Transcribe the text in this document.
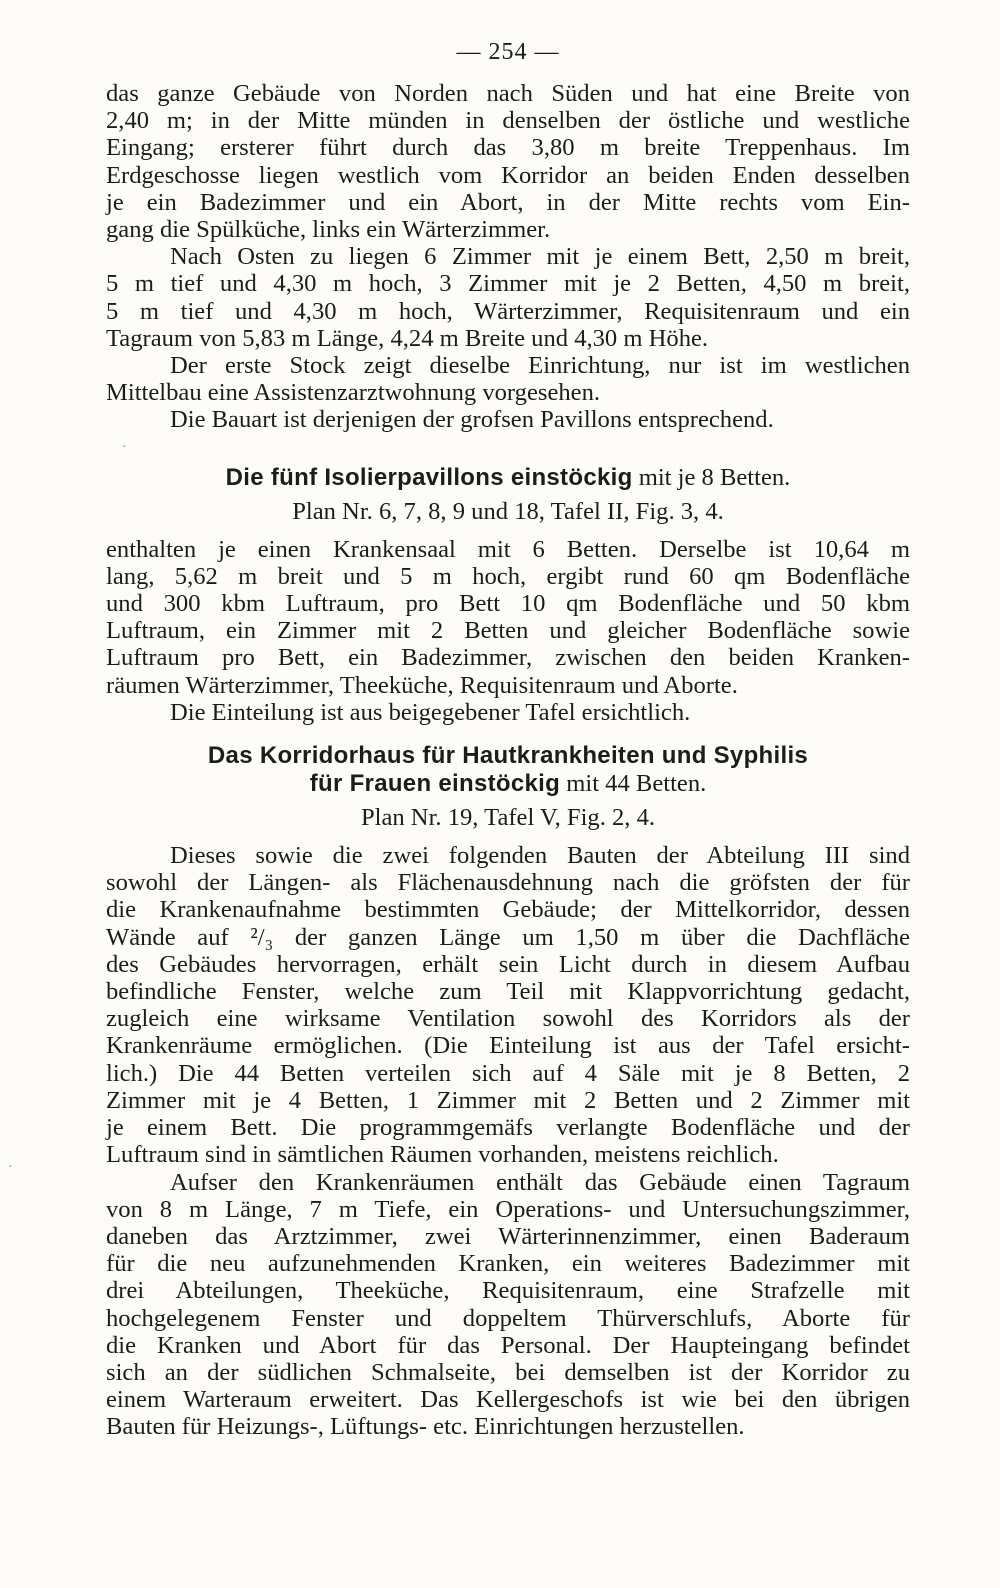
— 254 —
das ganze Gebäude von Norden nach Süden und hat eine Breite von
2,40 m; in der Mitte münden in denselben der östliche und westliche
Eingang; ersterer führt durch das 3,80 m breite Treppenhaus. Im
Erdgeschosse liegen westlich vom Korridor an beiden Enden desselben
je ein Badezimmer und ein Abort, in der Mitte rechts vom Ein-
gang die Spülküche, links ein Wärterzimmer.
Nach Osten zu liegen 6 Zimmer mit je einem Bett, 2,50 m breit,
5 m tief und 4,30 m hoch, 3 Zimmer mit je 2 Betten, 4,50 m breit,
5 m tief und 4,30 m hoch, Wärterzimmer, Requisitenraum und ein
Tagraum von 5,83 m Länge, 4,24 m Breite und 4,30 m Höhe.
Der erste Stock zeigt dieselbe Einrichtung, nur ist im westlichen
Mittelbau eine Assistenzarztwohnung vorgesehen.
Die Bauart ist derjenigen der grofsen Pavillons entsprechend.
Die fünf Isolierpavillons einstöckig mit je 8 Betten.
Plan Nr. 6, 7, 8, 9 und 18, Tafel II, Fig. 3, 4.
enthalten je einen Krankensaal mit 6 Betten. Derselbe ist 10,64 m
lang, 5,62 m breit und 5 m hoch, ergibt rund 60 qm Bodenfläche
und 300 kbm Luftraum, pro Bett 10 qm Bodenfläche und 50 kbm
Luftraum, ein Zimmer mit 2 Betten und gleicher Bodenfläche sowie
Luftraum pro Bett, ein Badezimmer, zwischen den beiden Kranken-
räumen Wärterzimmer, Theeküche, Requisitenraum und Aborte.
Die Einteilung ist aus beigegebener Tafel ersichtlich.
Das Korridorhaus für Hautkrankheiten und Syphilis
für Frauen einstöckig mit 44 Betten.
Plan Nr. 19, Tafel V, Fig. 2, 4.
Dieses sowie die zwei folgenden Bauten der Abteilung III sind
sowohl der Längen- als Flächenausdehnung nach die gröfsten der für
die Krankenaufnahme bestimmten Gebäude; der Mittelkorridor, dessen
Wände auf ²/₃ der ganzen Länge um 1,50 m über die Dachfläche
des Gebäudes hervorragen, erhält sein Licht durch in diesem Aufbau
befindliche Fenster, welche zum Teil mit Klappvorrichtung gedacht,
zugleich eine wirksame Ventilation sowohl des Korridors als der
Krankenräume ermöglichen. (Die Einteilung ist aus der Tafel ersicht-
lich.) Die 44 Betten verteilen sich auf 4 Säle mit je 8 Betten, 2
Zimmer mit je 4 Betten, 1 Zimmer mit 2 Betten und 2 Zimmer mit
je einem Bett. Die programmgemäfs verlangte Bodenfläche und der
Luftraum sind in sämtlichen Räumen vorhanden, meistens reichlich.
Aufser den Krankenräumen enthält das Gebäude einen Tagraum
von 8 m Länge, 7 m Tiefe, ein Operations- und Untersuchungszimmer,
daneben das Arztzimmer, zwei Wärterinnenzimmer, einen Baderaum
für die neu aufzunehmenden Kranken, ein weiteres Badezimmer mit
drei Abteilungen, Theeküche, Requisitenraum, eine Strafzelle mit
hochgelegenem Fenster und doppeltem Thürverschlufs, Aborte für
die Kranken und Abort für das Personal. Der Haupteingang befindet
sich an der südlichen Schmalseite, bei demselben ist der Korridor zu
einem Warteraum erweitert. Das Kellergeschofs ist wie bei den übrigen
Bauten für Heizungs-, Lüftungs- etc. Einrichtungen herzustellen.
·
·
